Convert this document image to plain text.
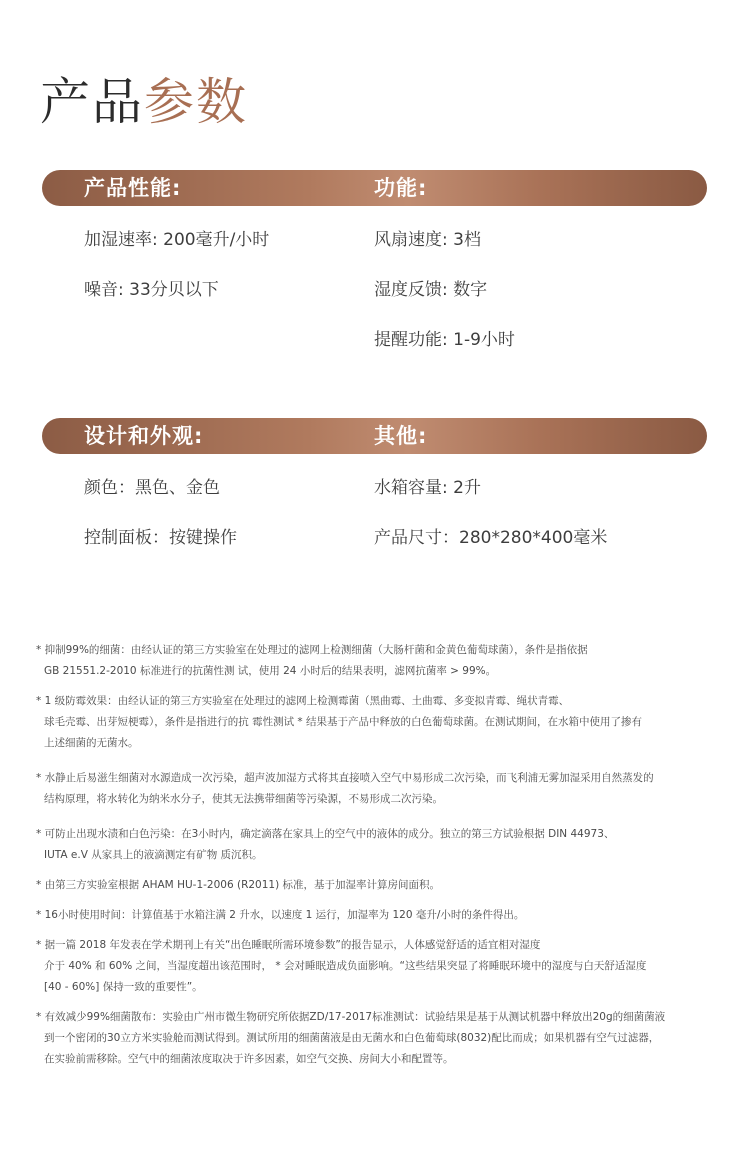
产品参数
产品性能:	功能:
加湿速率: 200毫升/小时
噪音: 33分贝以下
风扇速度: 3档
湿度反馈: 数字
提醒功能: 1-9小时
设计和外观:	其他:
颜色：黑色、金色
控制面板：按键操作
水箱容量: 2升
产品尺寸：280*280*400毫米

* 抑制99%的细菌：由经认证的第三方实验室在处理过的滤网上检测细菌（大肠杆菌和金黄色葡萄球菌），条件是指依据
GB 21551.2-2010 标准进行的抗菌性测 试，使用 24 小时后的结果表明，滤网抗菌率 > 99%。

* 1 级防霉效果：由经认证的第三方实验室在处理过的滤网上检测霉菌（黑曲霉、土曲霉、多变拟青霉、绳状青霉、
球毛壳霉、出芽短梗霉），条件是指进行的抗 霉性测试 * 结果基于产品中释放的白色葡萄球菌。在测试期间，在水箱中使用了掺有
上述细菌的无菌水。

* 水静止后易滋生细菌对水源造成一次污染，超声波加湿方式将其直接喷入空气中易形成二次污染，而飞利浦无雾加湿采用自然蒸发的
结构原理，将水转化为纳米水分子，使其无法携带细菌等污染源，不易形成二次污染。

* 可防止出现水渍和白色污染：在3小时内，确定滴落在家具上的空气中的液体的成分。独立的第三方试验根据 DIN 44973、
IUTA e.V 从家具上的液滴测定有矿物 质沉积。

* 由第三方实验室根据 AHAM HU-1-2006 (R2011) 标准，基于加湿率计算房间面积。

* 16小时使用时间：计算值基于水箱注满 2 升水，以速度 1 运行，加湿率为 120 毫升/小时的条件得出。

* 据一篇 2018 年发表在学术期刊上有关“出色睡眠所需环境参数”的报告显示，人体感觉舒适的适宜相对湿度
介于 40% 和 60% 之间，当湿度超出该范围时， * 会对睡眠造成负面影响。“这些结果突显了将睡眠环境中的湿度与白天舒适湿度
[40 - 60%] 保持一致的重要性”。

* 有效减少99%细菌散布：实验由广州市微生物研究所依据ZD/17-2017标准测试：试验结果是基于从测试机器中释放出20g的细菌菌液
到一个密闭的30立方米实验舱而测试得到。测试所用的细菌菌液是由无菌水和白色葡萄球(8032)配比而成；如果机器有空气过滤器，
在实验前需移除。空气中的细菌浓度取决于许多因素，如空气交换、房间大小和配置等。
